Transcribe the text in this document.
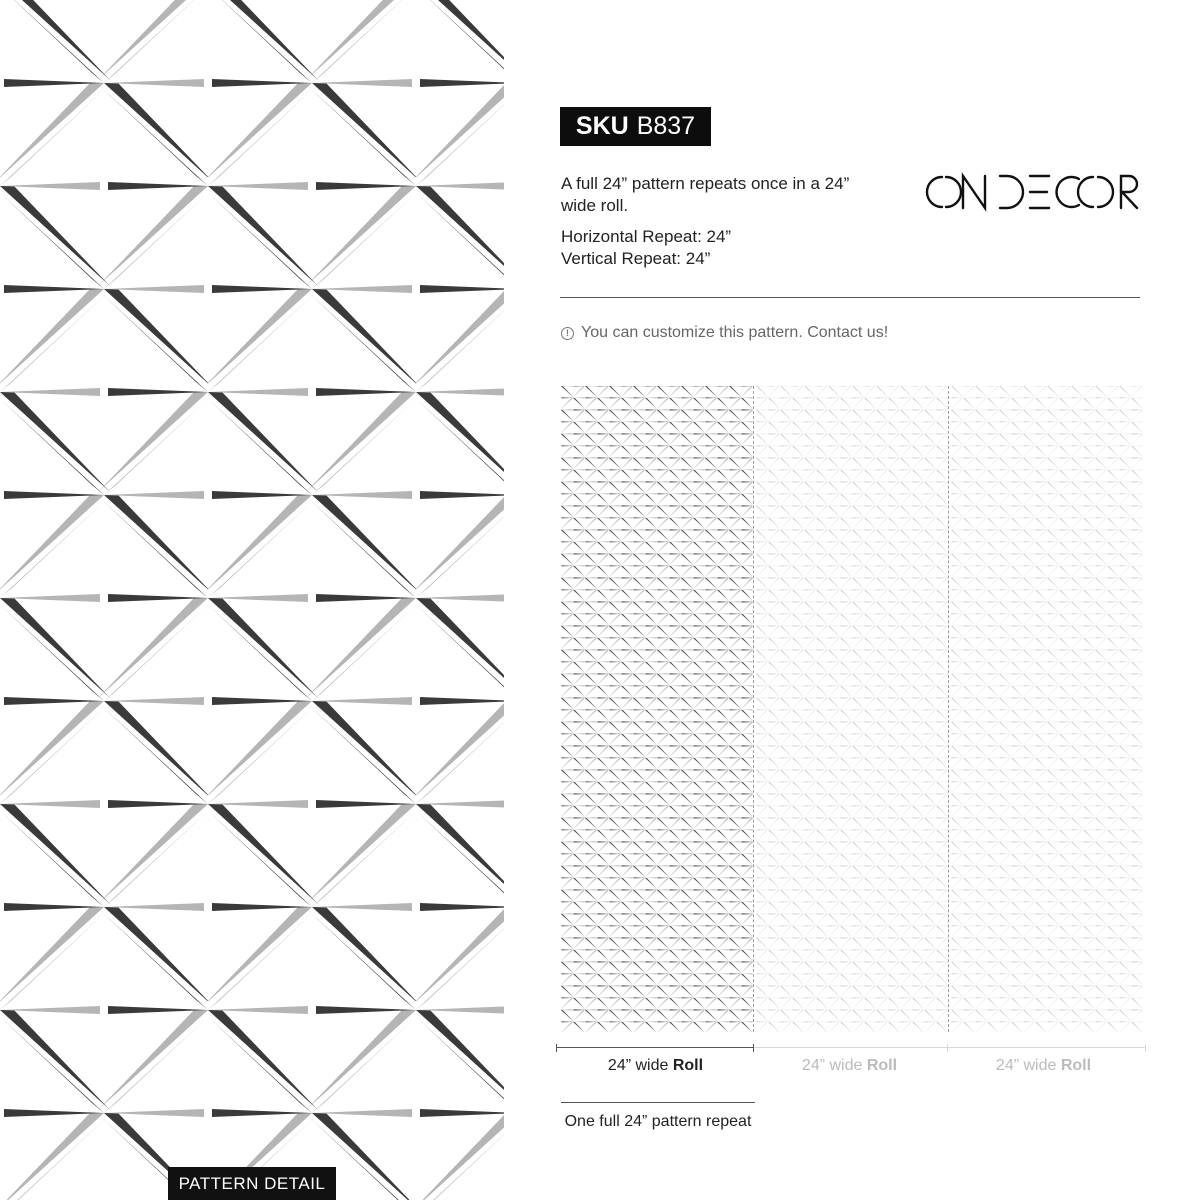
PATTERN DETAIL
SKU B837
A full 24” pattern repeats once in a 24” wide roll.
Horizontal Repeat: 24”
Vertical Repeat: 24”
! You can customize this pattern. Contact us!
24” wide Roll	24” wide Roll	24” wide Roll
One full 24” pattern repeat
